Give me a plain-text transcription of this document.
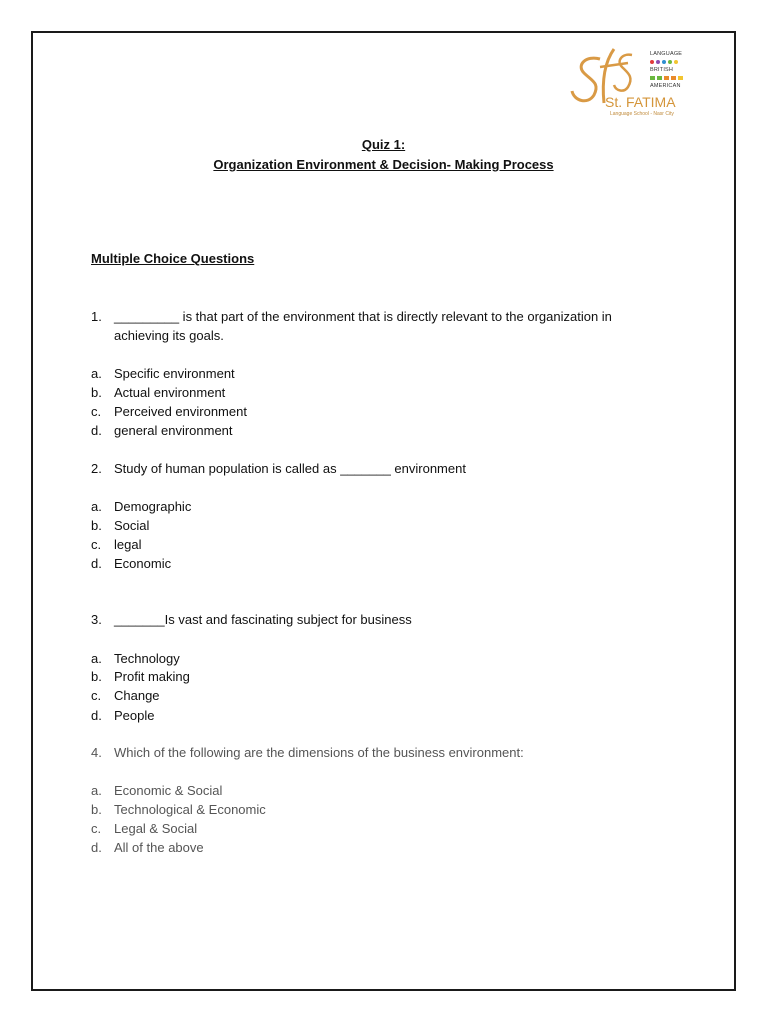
LANGUAGE
BRITISH
AMERICAN
St. FATIMA
Language School - Nasr City
Quiz 1:
Organization Environment & Decision- Making Process
Multiple Choice Questions
1. _________ is that part of the environment that is directly relevant to the organization in achieving its goals.
a. Specific environment
b. Actual environment
c. Perceived environment
d. general environment
2. Study of human population is called as _______ environment
a. Demographic
b. Social
c. legal
d. Economic
3. _______Is vast and fascinating subject for business
a. Technology
b. Profit making
c. Change
d. People
4. Which of the following are the dimensions of the business environment:
a. Economic & Social
b. Technological & Economic
c. Legal & Social
d. All of the above
